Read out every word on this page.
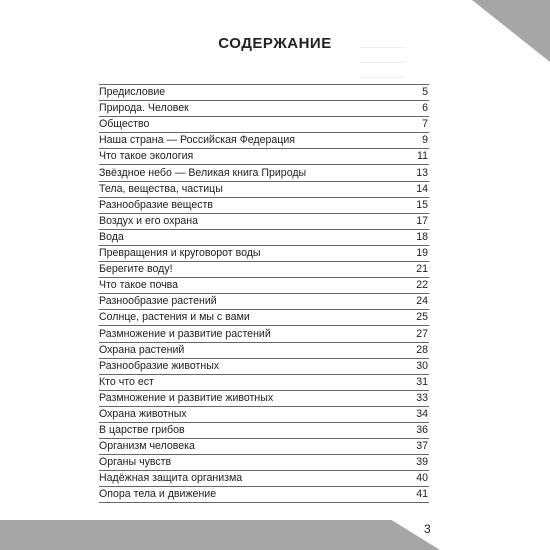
───────
───────
───────
СОДЕРЖАНИЕ
Предисловие	5
Природа. Человек	6
Общество	7
Наша страна — Российская Федерация	9
Что такое экология	11
Звёздное небо — Великая книга Природы	13
Тела, вещества, частицы	14
Разнообразие веществ	15
Воздух и его охрана	17
Вода	18
Превращения и круговорот воды	19
Берегите воду!	21
Что такое почва	22
Разнообразие растений	24
Солнце, растения и мы с вами	25
Размножение и развитие растений	27
Охрана растений	28
Разнообразие животных	30
Кто что ест	31
Размножение и развитие животных	33
Охрана животных	34
В царстве грибов	36
Организм человека	37
Органы чувств	39
Надёжная защита организма	40
Опора тела и движение	41
3
